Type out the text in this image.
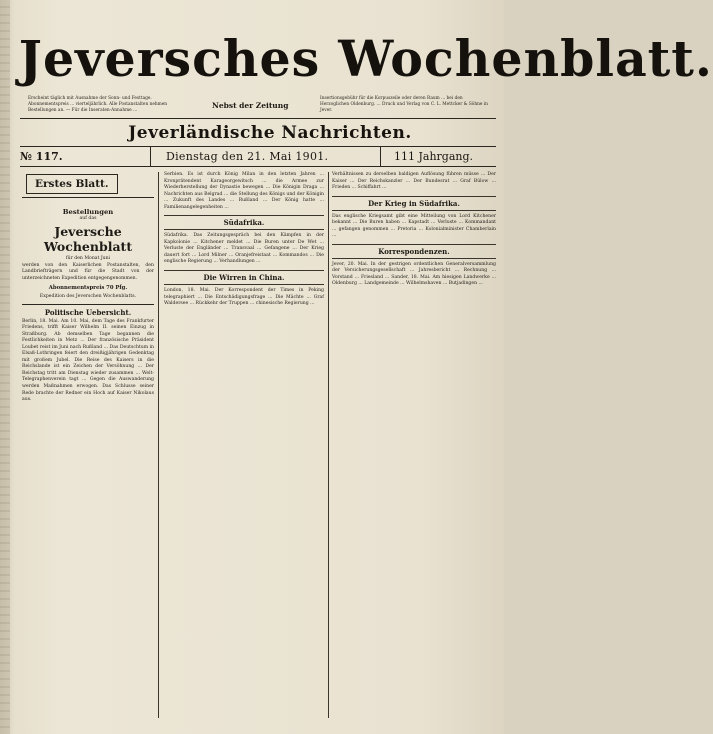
Jeversches Wochenblatt.
Erscheint täglich mit Ausnahme der Sonn- und Festtage. Abonnementspreis ... vierteljährlich. Alle Postanstalten nehmen Bestellungen an. — Für die Inseraten-Annahme ...
Nebst der Zeitung
Insertionsgebühr für die Korpuszeile oder deren Raum ... bei den Herzoglichen Oldenburg. ... Druck und Verlag von C. L. Mettcker & Söhne in Jever.
Jeverländische Nachrichten.
№ 117.	Dienstag den 21. Mai 1901.	111 Jahrgang.
Erstes Blatt.
Bestellungen
auf das
Jeversche Wochenblatt
für den Monat Juni
werden von den Kaiserlichen Postanstalten, den Landbriefträgern und für die Stadt von der unterzeichneten Expedition entgegengenommen.
Abonnementspreis 70 Pfg.
Expedition des Jeverschen Wochenblatts.
Politische Uebersicht.
Berlin, 18. Mai. Am 10. Mai, dem Tage des Frankfurter Friedens, trifft Kaiser Wilhelm II. seinen Einzug in Straßburg. Ab demselben Tage begannen die Festlichkeiten in Metz ... Der französische Präsident Loubet reist im Juni nach Rußland ... Das Deutschtum in Elsaß-Lothringen feiert den dreißigjährigen Gedenktag mit großem Jubel. Die Reise des Kaisers in die Reichslande ist ein Zeichen der Versöhnung ... Der Reichstag tritt am Dienstag wieder zusammen ... Welt-Telegraphenverein tagt ... Gegen die Auswanderung werden Maßnahmen erwogen. Das Schlusse seiner Rede brachte der Redner ein Hoch auf Kaiser Nikolaus aus.
Serbien. Es ist durch König Milan in den letzten Jahren ... Kronprätendent Karageorgewitsch ... die Armee zur Wiederherstellung der Dynastie bewegen ... Die Königin Draga ... Nachrichten aus Belgrad ... die Stellung des Königs und der Königin ... Zukunft des Landes ... Rußland ... Der König hatte ... Familienangelegenheiten ...
Südafrika.
Südafrika. Das Zeitungsgespräch bei den Kämpfen in der Kapkolonie ... Kitchener meldet ... Die Buren unter De Wet ... Verluste der Engländer ... Transvaal ... Gefangene ... Der Krieg dauert fort ... Lord Milner ... Oranjefreistaat ... Kommandos ... Die englische Regierung ... Verhandlungen ...
Die Wirren in China.
London, 18. Mai. Der Korrespondent der Times in Peking telegraphiert ... Die Entschädigungsfrage ... Die Mächte ... Graf Waldersee ... Rückkehr der Truppen ... chinesische Regierung ...
Verhältnissen zu derselben baldigen Auflösung führen müsse ... Der Kaiser ... Der Reichskanzler ... Der Bundesrat ... Graf Bülow ... Frieden ... Schiffahrt ...
Der Krieg in Südafrika.
Das englische Kriegsamt gibt eine Mitteilung von Lord Kitchener bekannt ... Die Buren haben ... Kapstadt ... Verluste ... Kommandant ... gefangen genommen ... Pretoria ... Kolonialminister Chamberlain ...
Korrespondenzen.
Jever, 20. Mai. In der gestrigen ordentlichen Generalversammlung der Versicherungsgesellschaft ... Jahresbericht ... Rechnung ... Vorstand ... Friesland ... Sander, 18. Mai. Am hiesigen Landwerke ... Oldenburg ... Landgemeinde ... Wilhelmshaven ... Butjadingen ...
